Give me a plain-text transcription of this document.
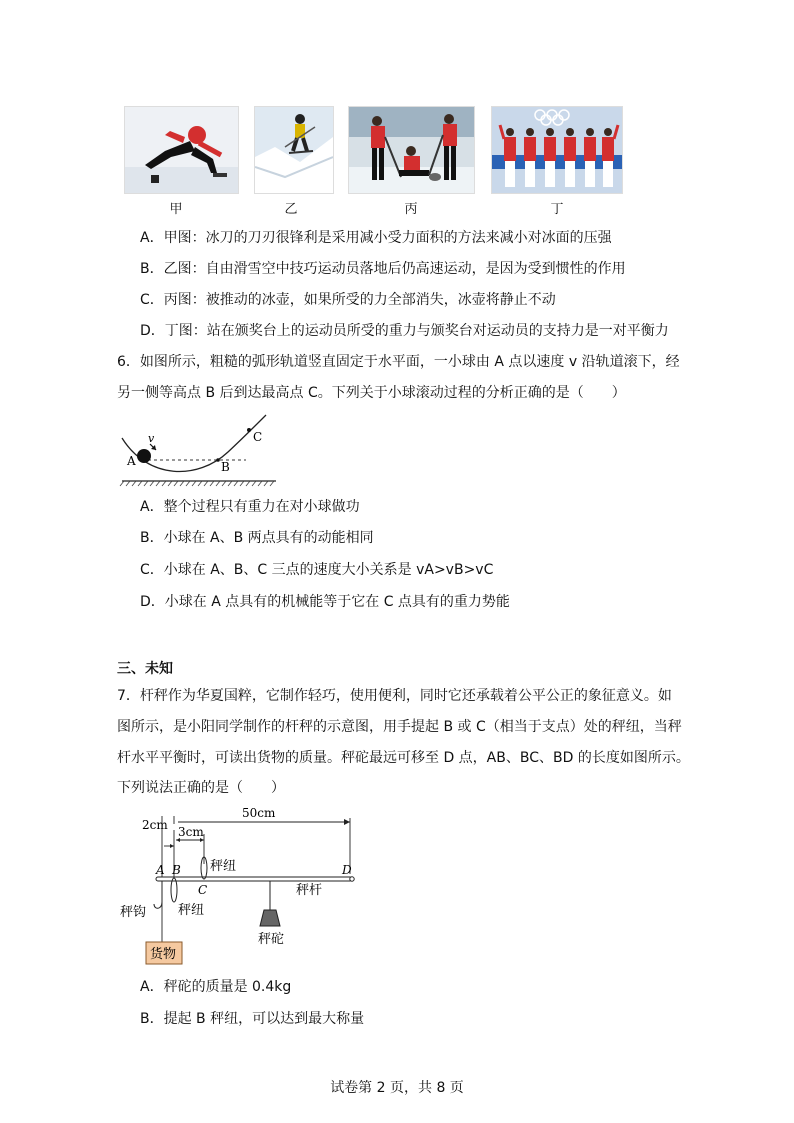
甲	乙	丙	丁
A．甲图：冰刀的刀刃很锋利是采用减小受力面积的方法来减小对冰面的压强
B．乙图：自由滑雪空中技巧运动员落地后仍高速运动，是因为受到惯性的作用
C．丙图：被推动的冰壶，如果所受的力全部消失，冰壶将静止不动
D．丁图：站在颁奖台上的运动员所受的重力与颁奖台对运动员的支持力是一对平衡力
6．如图所示，粗糙的弧形轨道竖直固定于水平面，一小球由 A 点以速度 v 沿轨道滚下，经
另一侧等高点 B 后到达最高点 C。下列关于小球滚动过程的分析正确的是（　　）
v
A	B
C
A．整个过程只有重力在对小球做功
B．小球在 A、B 两点具有的动能相同
C．小球在 A、B、C 三点的速度大小关系是 vA>vB>vC
D．小球在 A 点具有的机械能等于它在 C 点具有的重力势能
三、未知
7．杆秤作为华夏国粹，它制作轻巧，使用便利，同时它还承载着公平公正的象征意义。如
图所示，是小阳同学制作的杆秤的示意图，用手提起 B 或 C（相当于支点）处的秤纽，当秤
杆水平平衡时，可读出货物的质量。秤砣最远可移至 D 点，AB、BC、BD 的长度如图所示。
下列说法正确的是（　　）
2cm 3cm
50cm
A B
C
D
秤纽
秤纽
秤钩
货物
秤杆
秤砣
A．秤砣的质量是 0.4kg
B．提起 B 秤纽，可以达到最大称量
试卷第 2 页，共 8 页
